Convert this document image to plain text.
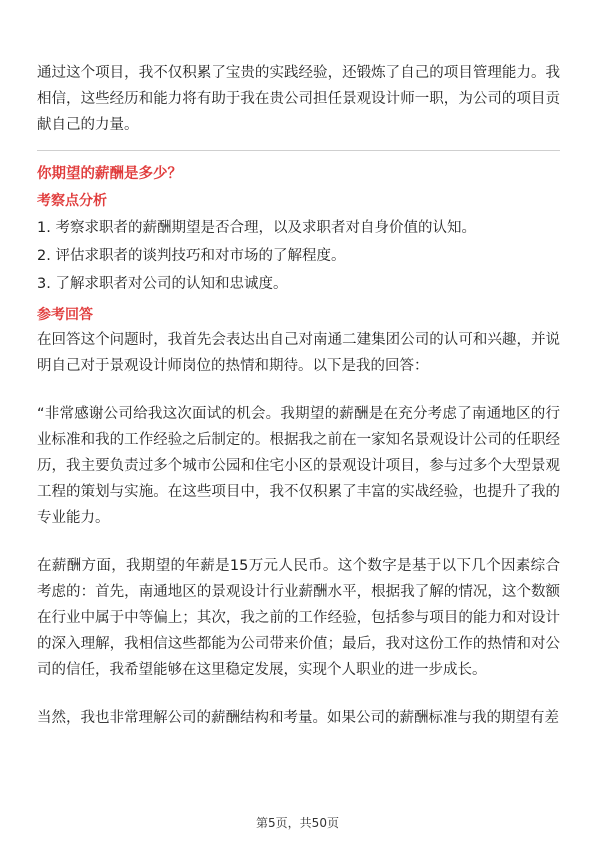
通过这个项目，我不仅积累了宝贵的实践经验，还锻炼了自己的项目管理能力。我相信，这些经历和能力将有助于我在贵公司担任景观设计师一职，为公司的项目贡献自己的力量。

你期望的薪酬是多少？
考察点分析
1. 考察求职者的薪酬期望是否合理，以及求职者对自身价值的认知。
2. 评估求职者的谈判技巧和对市场的了解程度。
3. 了解求职者对公司的认知和忠诚度。
参考回答

在回答这个问题时，我首先会表达出自己对南通二建集团公司的认可和兴趣，并说明自己对于景观设计师岗位的热情和期待。以下是我的回答：

“非常感谢公司给我这次面试的机会。我期望的薪酬是在充分考虑了南通地区的行业标准和我的工作经验之后制定的。根据我之前在一家知名景观设计公司的任职经历，我主要负责过多个城市公园和住宅小区的景观设计项目，参与过多个大型景观工程的策划与实施。在这些项目中，我不仅积累了丰富的实战经验，也提升了我的专业能力。

在薪酬方面，我期望的年薪是15万元人民币。这个数字是基于以下几个因素综合考虑的：首先，南通地区的景观设计行业薪酬水平，根据我了解的情况，这个数额在行业中属于中等偏上；其次，我之前的工作经验，包括参与项目的能力和对设计的深入理解，我相信这些都能为公司带来价值；最后，我对这份工作的热情和对公司的信任，我希望能够在这里稳定发展，实现个人职业的进一步成长。

当然，我也非常理解公司的薪酬结构和考量。如果公司的薪酬标准与我的期望有差

第5页，共50页
